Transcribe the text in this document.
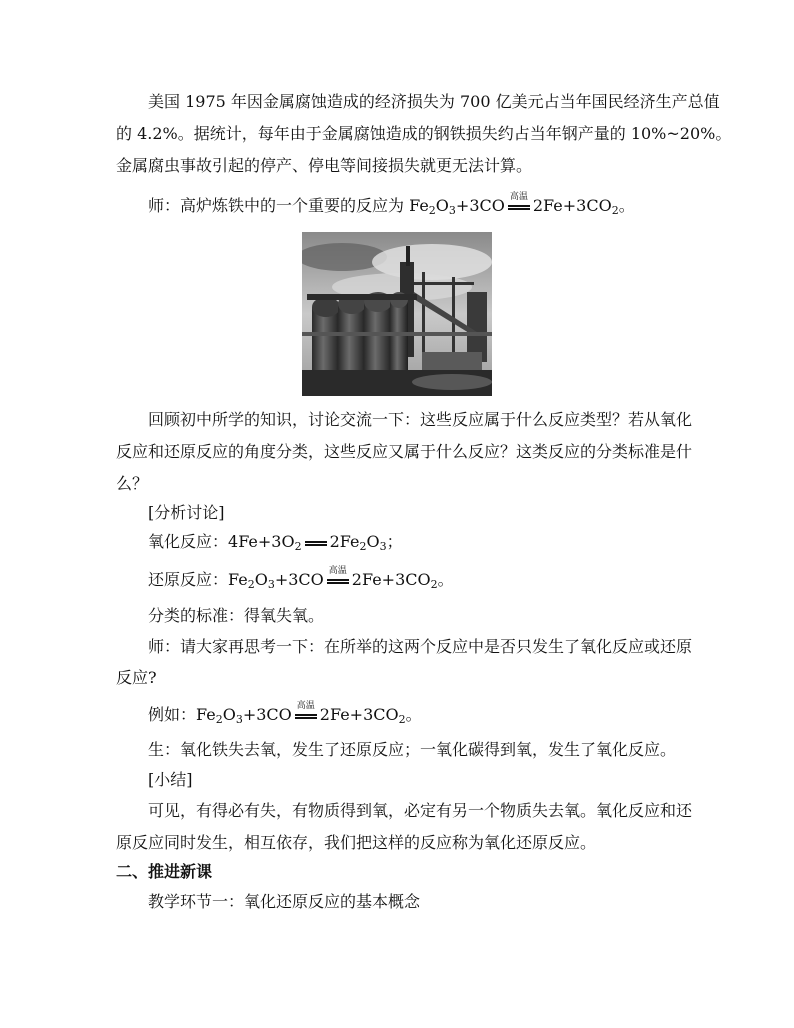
美国 1975 年因金属腐蚀造成的经济损失为 700 亿美元占当年国民经济生产总值
的 4.2%。据统计，每年由于金属腐蚀造成的钢铁损失约占当年钢产量的 10%~20%。
金属腐虫事故引起的停产、停电等间接损失就更无法计算。
师：高炉炼铁中的一个重要的反应为 $Fe_2O_3+3CO$ 高温 $2Fe+3CO_2$。
回顾初中所学的知识，讨论交流一下：这些反应属于什么反应类型？若从氧化
反应和还原反应的角度分类，这些反应又属于什么反应？这类反应的分类标准是什
么？
[分析讨论]
氧化反应：$4Fe+3O_2$ $2Fe_2O_3$；
还原反应：$Fe_2O_3+3CO$ 高温 $2Fe+3CO_2$。
分类的标准：得氧失氧。
师：请大家再思考一下：在所举的这两个反应中是否只发生了氧化反应或还原
反应?
例如：$Fe_2O_3+3CO$ 高温 $2Fe+3CO_2$。
生：氧化铁失去氧，发生了还原反应；一氧化碳得到氧，发生了氧化反应。
[小结]
可见，有得必有失，有物质得到氧，必定有另一个物质失去氧。氧化反应和还
原反应同时发生，相互依存，我们把这样的反应称为氧化还原反应。
二、推进新课
教学环节一：氧化还原反应的基本概念
